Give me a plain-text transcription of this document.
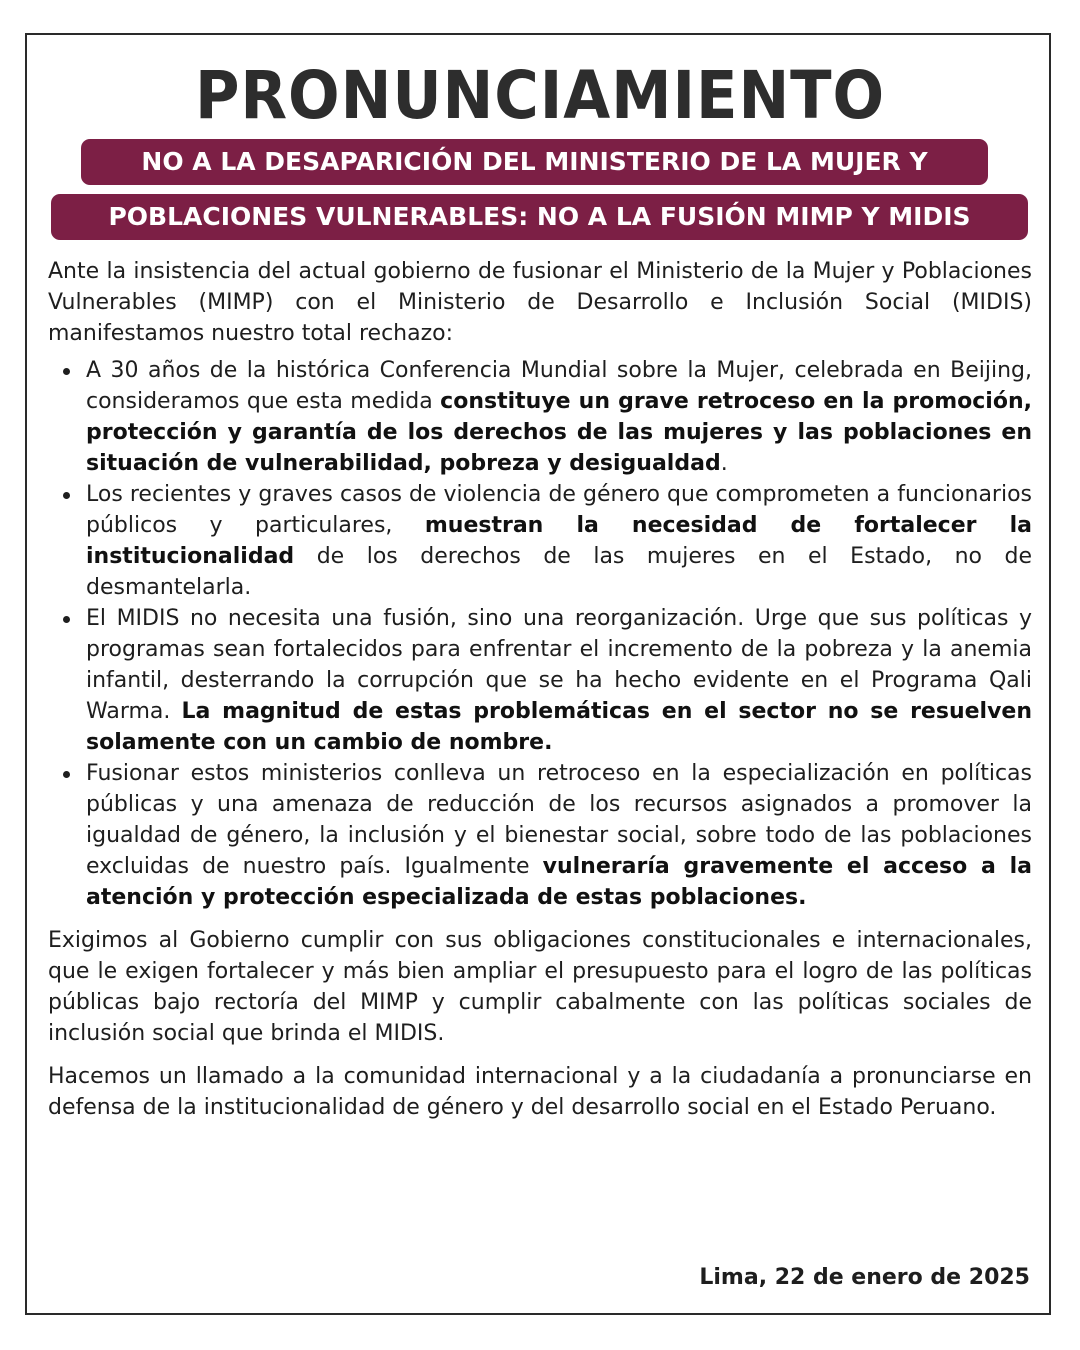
PRONUNCIAMIENTO
NO A LA DESAPARICIÓN DEL MINISTERIO DE LA MUJER Y
POBLACIONES VULNERABLES: NO A LA FUSIÓN MIMP Y MIDIS

Ante la insistencia del actual gobierno de fusionar el Ministerio de la Mujer y Poblaciones Vulnerables (MIMP) con el Ministerio de Desarrollo e Inclusión Social (MIDIS) manifestamos nuestro total rechazo:

A 30 años de la histórica Conferencia Mundial sobre la Mujer, celebrada en Beijing, consideramos que esta medida constituye un grave retroceso en la promoción, protección y garantía de los derechos de las mujeres y las poblaciones en situación de vulnerabilidad, pobreza y desigualdad.
Los recientes y graves casos de violencia de género que comprometen a funcionarios públicos y particulares, muestran la necesidad de fortalecer la institucionalidad de los derechos de las mujeres en el Estado, no de desmantelarla.
El MIDIS no necesita una fusión, sino una reorganización. Urge que sus políticas y programas sean fortalecidos para enfrentar el incremento de la pobreza y la anemia infantil, desterrando la corrupción que se ha hecho evidente en el Programa Qali Warma. La magnitud de estas problemáticas en el sector no se resuelven solamente con un cambio de nombre.
Fusionar estos ministerios conlleva un retroceso en la especialización en políticas públicas y una amenaza de reducción de los recursos asignados a promover la igualdad de género, la inclusión y el bienestar social, sobre todo de las poblaciones excluidas de nuestro país. Igualmente vulneraría gravemente el acceso a la atención y protección especializada de estas poblaciones.

Exigimos al Gobierno cumplir con sus obligaciones constitucionales e internacionales, que le exigen fortalecer y más bien ampliar el presupuesto para el logro de las políticas públicas bajo rectoría del MIMP y cumplir cabalmente con las políticas sociales de inclusión social que brinda el MIDIS.

Hacemos un llamado a la comunidad internacional y a la ciudadanía a pronunciarse en defensa de la institucionalidad de género y del desarrollo social en el Estado Peruano.

Lima, 22 de enero de 2025
